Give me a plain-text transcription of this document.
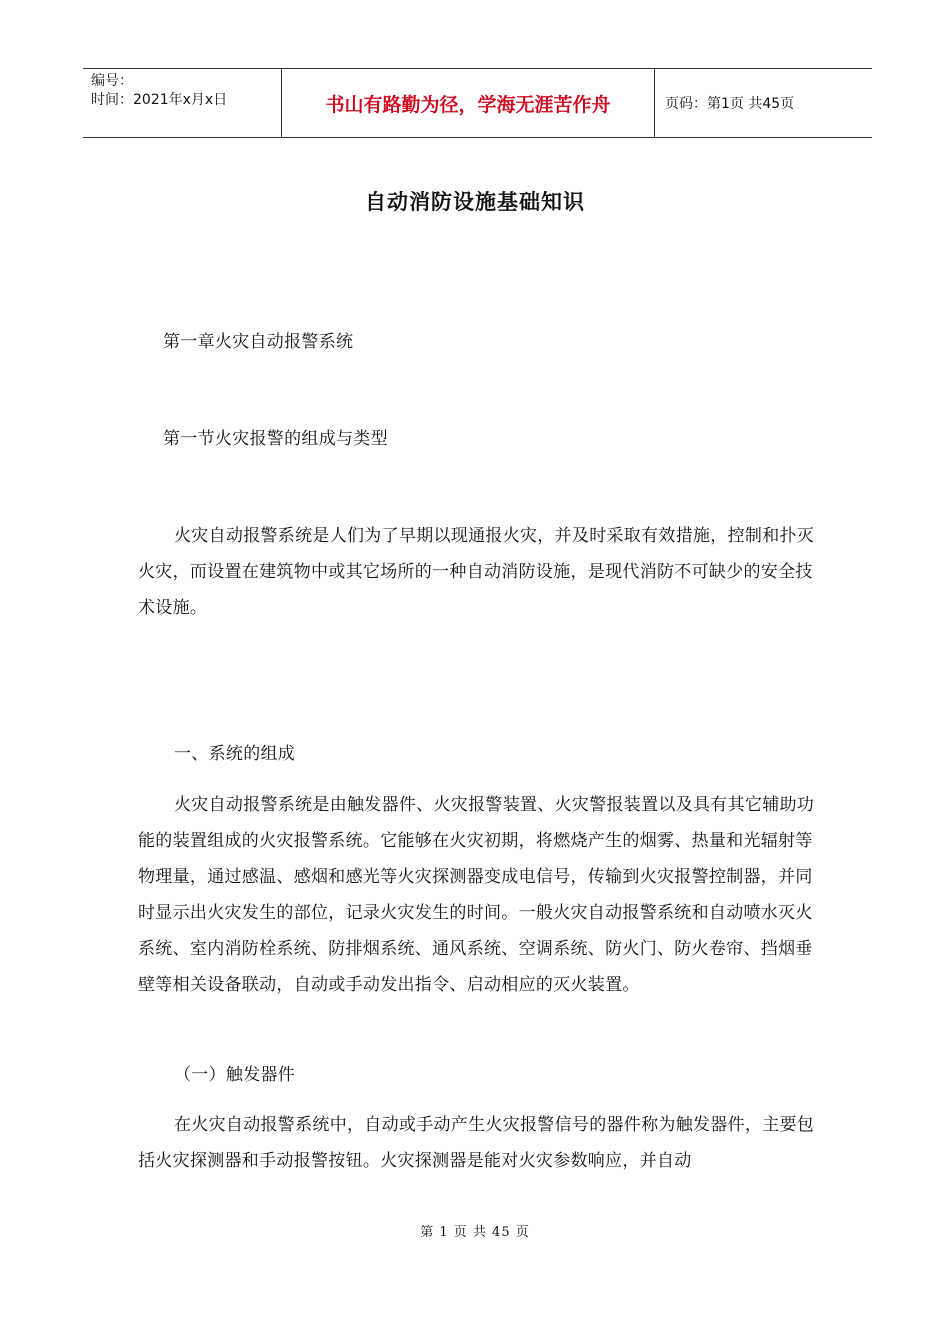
编号：
时间：2021年x月x日	书山有路勤为径，学海无涯苦作舟	页码：第1页 共45页
自动消防设施基础知识
第一章火灾自动报警系统
第一节火灾报警的组成与类型
火灾自动报警系统是人们为了早期以现通报火灾，并及时采取有效措施，控制和扑灭火灾，而设置在建筑物中或其它场所的一种自动消防设施，是现代消防不可缺少的安全技术设施。
一、系统的组成
火灾自动报警系统是由触发器件、火灾报警装置、火灾警报装置以及具有其它辅助功能的装置组成的火灾报警系统。它能够在火灾初期，将燃烧产生的烟雾、热量和光辐射等物理量，通过感温、感烟和感光等火灾探测器变成电信号，传输到火灾报警控制器，并同时显示出火灾发生的部位，记录火灾发生的时间。一般火灾自动报警系统和自动喷水灭火系统、室内消防栓系统、防排烟系统、通风系统、空调系统、防火门、防火卷帘、挡烟垂壁等相关设备联动，自动或手动发出指令、启动相应的灭火装置。
（一）触发器件
在火灾自动报警系统中，自动或手动产生火灾报警信号的器件称为触发器件，主要包括火灾探测器和手动报警按钮。火灾探测器是能对火灾参数响应，并自动
第 1 页 共 45 页
